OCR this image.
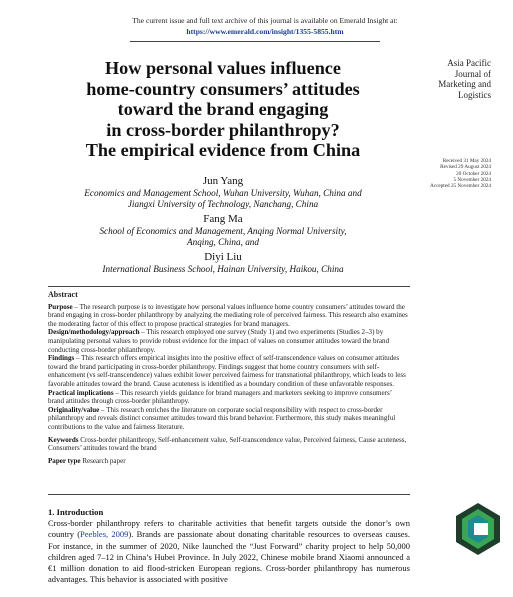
The current issue and full text archive of this journal is available on Emerald Insight at:
https://www.emerald.com/insight/1355-5855.htm
How personal values influence
home-country consumers’ attitudes
toward the brand engaging
in cross-border philanthropy?
The empirical evidence from China
Asia Pacific
Journal of
Marketing and
Logistics
Received 31 May 2024
Revised 29 August 2024
20 October 2024
5 November 2024
Accepted 25 November 2024
Jun Yang
Economics and Management School, Wuhan University, Wuhan, China and
Jiangxi University of Technology, Nanchang, China
Fang Ma
School of Economics and Management, Anqing Normal University,
Anqing, China, and
Diyi Liu
International Business School, Hainan University, Haikou, China
Abstract

Purpose – The research purpose is to investigate how personal values influence home country consumers’ attitudes toward the brand engaging in cross-border philanthropy by analyzing the mediating role of perceived fairness. This research also examines the moderating factor of this effect to propose practical strategies for brand managers.

Design/methodology/approach – This research employed one survey (Study 1) and two experiments (Studies 2–3) by manipulating personal values to provide robust evidence for the impact of values on consumer attitudes toward the brand conducting cross-border philanthropy.

Findings – This research offers empirical insights into the positive effect of self-transcendence values on consumer attitudes toward the brand participating in cross-border philanthropy. Findings suggest that home country consumers with self-enhancement (vs self-transcendence) values exhibit lower perceived fairness for transnational philanthropy, which leads to less favorable attitudes toward the brand. Cause acuteness is identified as a boundary condition of these unfavorable responses.

Practical implications – This research yields guidance for brand managers and marketers seeking to improve consumers’ brand attitudes through cross-border philanthropy.

Originality/value – This research enriches the literature on corporate social responsibility with respect to cross-border philanthropy and reveals distinct consumer attitudes toward this brand behavior. Furthermore, this study makes meaningful contributions to the value and fairness literature.

Keywords Cross-border philanthropy, Self-enhancement value, Self-transcendence value, Perceived fairness, Cause acuteness, Consumers’ attitudes toward the brand

Paper type Research paper

1. Introduction
Cross-border philanthropy refers to charitable activities that benefit targets outside the donor’s own country (Peebles, 2009). Brands are passionate about donating charitable resources to overseas causes. For instance, in the summer of 2020, Nike launched the “Just Forward” charity project to help 50,000 children aged 7–12 in China’s Hubei Province. In July 2022, Chinese mobile brand Xiaomi announced a €1 million donation to aid flood-stricken European regions. Cross-border philanthropy has numerous advantages. This behavior is associated with positive
